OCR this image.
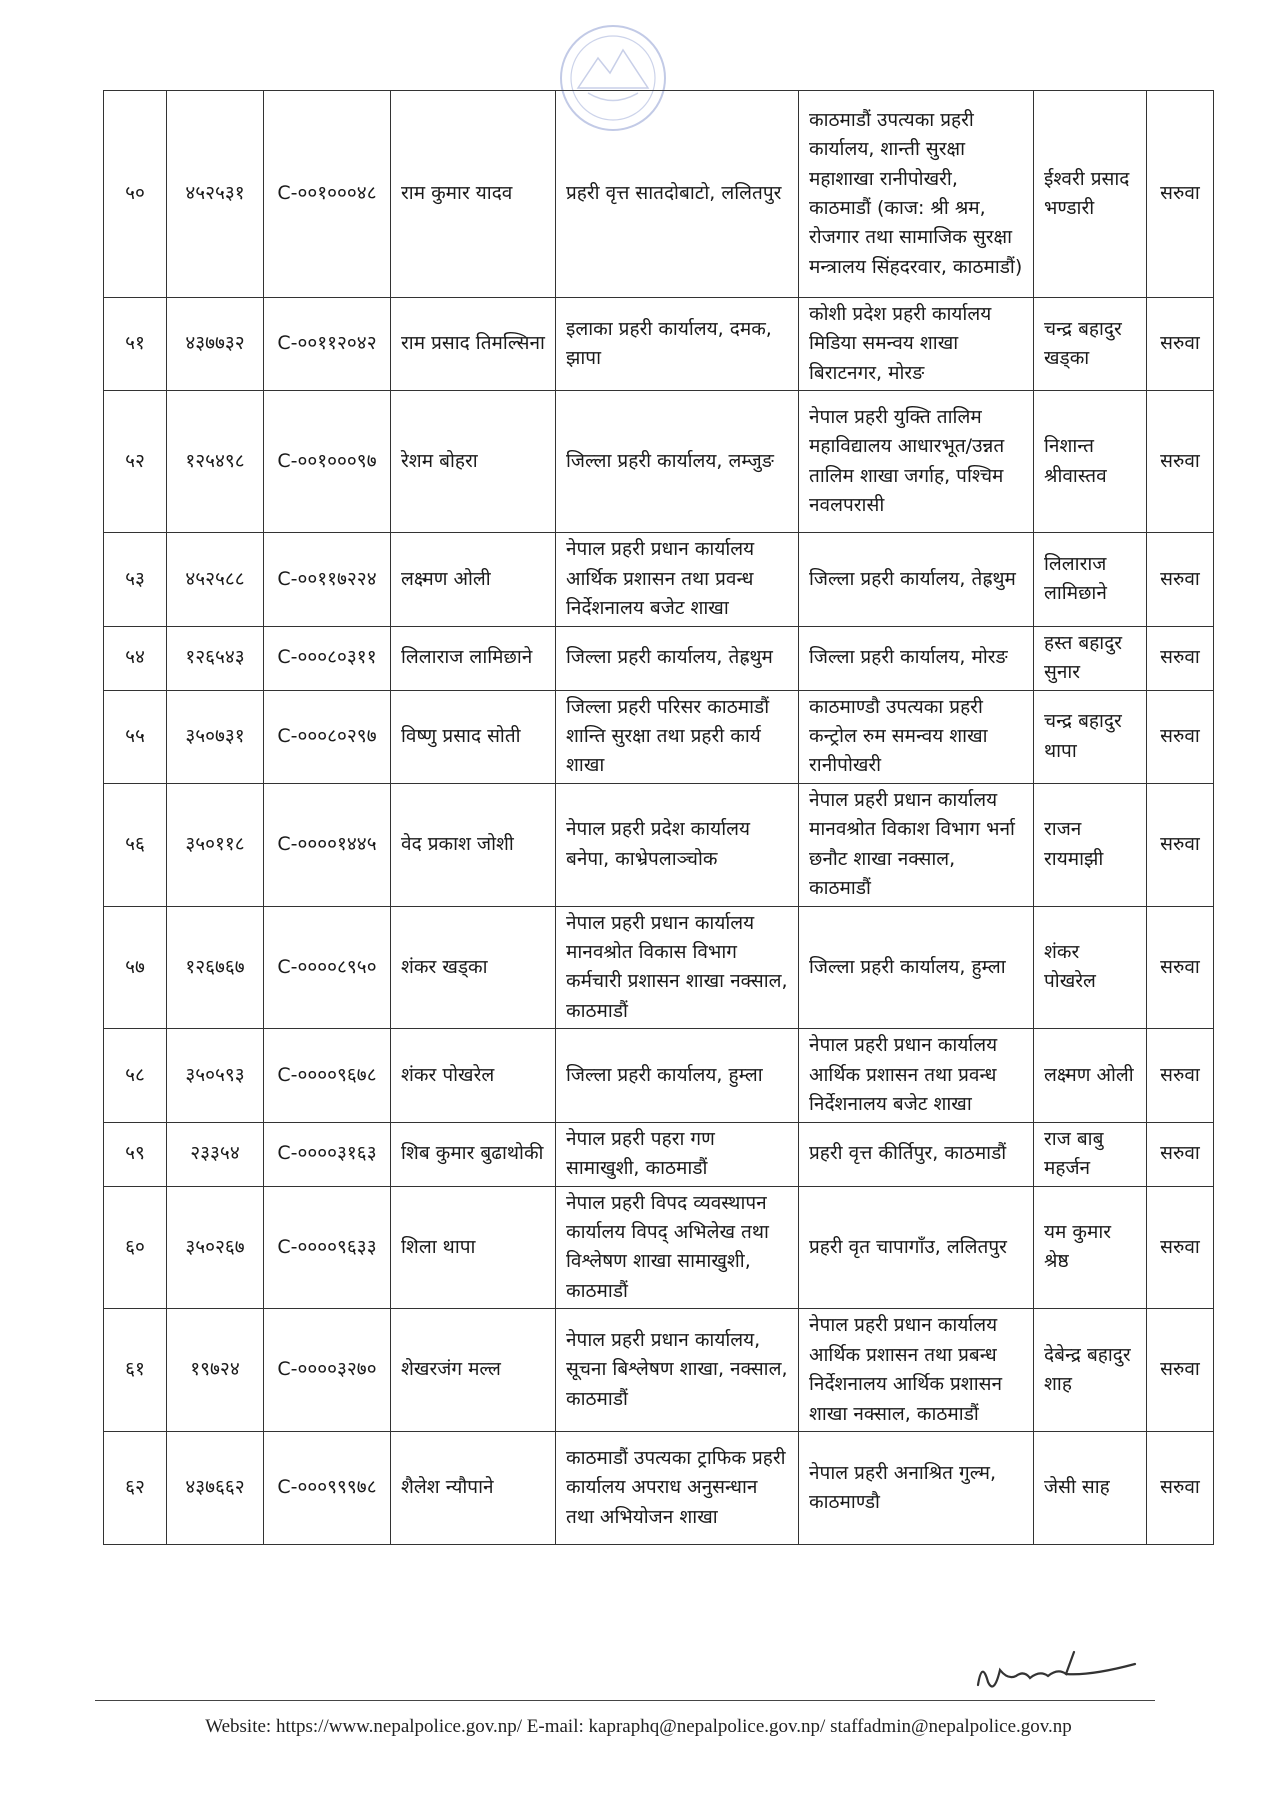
५०	४५२५३१	C-००१०००४८	राम कुमार यादव	प्रहरी वृत्त सातदोबाटो, ललितपुर	काठमाडौं उपत्यका प्रहरी कार्यालय, शान्ती सुरक्षा महाशाखा रानीपोखरी, काठमाडौं (काज: श्री श्रम, रोजगार तथा सामाजिक सुरक्षा मन्त्रालय सिंहदरवार, काठमाडौं)	ईश्वरी प्रसाद भण्डारी	सरुवा
५१	४३७७३२	C-००११२०४२	राम प्रसाद तिमल्सिना	इलाका प्रहरी कार्यालय, दमक, झापा	कोशी प्रदेश प्रहरी कार्यालय मिडिया समन्वय शाखा बिराटनगर, मोरङ	चन्द्र बहादुर खड्का	सरुवा
५२	१२५४९८	C-००१०००९७	रेशम बोहरा	जिल्ला प्रहरी कार्यालय, लम्जुङ	नेपाल प्रहरी युक्ति तालिम महाविद्यालय आधारभूत/उन्नत तालिम शाखा जर्गाह, पश्चिम नवलपरासी	निशान्त श्रीवास्तव	सरुवा
५३	४५२५८८	C-००११७२२४	लक्ष्मण ओली	नेपाल प्रहरी प्रधान कार्यालय आर्थिक प्रशासन तथा प्रवन्ध निर्देशनालय बजेट शाखा	जिल्ला प्रहरी कार्यालय, तेह्रथुम	लिलाराज लामिछाने	सरुवा
५४	१२६५४३	C-०००८०३११	लिलाराज लामिछाने	जिल्ला प्रहरी कार्यालय, तेह्रथुम	जिल्ला प्रहरी कार्यालय, मोरङ	हस्त बहादुर सुनार	सरुवा
५५	३५०७३१	C-०००८०२९७	विष्णु प्रसाद सोती	जिल्ला प्रहरी परिसर काठमाडौं शान्ति सुरक्षा तथा प्रहरी कार्य शाखा	काठमाण्डौ उपत्यका प्रहरी कन्ट्रोल रुम समन्वय शाखा रानीपोखरी	चन्द्र बहादुर थापा	सरुवा
५६	३५०११८	C-००००१४४५	वेद प्रकाश जोशी	नेपाल प्रहरी प्रदेश कार्यालय बनेपा, काभ्रेपलाञ्चोक	नेपाल प्रहरी प्रधान कार्यालय मानवश्रोत विकाश विभाग भर्ना छनौट शाखा नक्साल, काठमाडौं	राजन रायमाझी	सरुवा
५७	१२६७६७	C-००००८९५०	शंकर खड्का	नेपाल प्रहरी प्रधान कार्यालय मानवश्रोत विकास विभाग कर्मचारी प्रशासन शाखा नक्साल, काठमाडौं	जिल्ला प्रहरी कार्यालय, हुम्ला	शंकर पोखरेल	सरुवा
५८	३५०५९३	C-००००९६७८	शंकर पोखरेल	जिल्ला प्रहरी कार्यालय, हुम्ला	नेपाल प्रहरी प्रधान कार्यालय आर्थिक प्रशासन तथा प्रवन्ध निर्देशनालय बजेट शाखा	लक्ष्मण ओली	सरुवा
५९	२३३५४	C-००००३१६३	शिब कुमार बुढाथोकी	नेपाल प्रहरी पहरा गण सामाखुशी, काठमाडौं	प्रहरी वृत्त कीर्तिपुर, काठमाडौं	राज बाबु महर्जन	सरुवा
६०	३५०२६७	C-००००९६३३	शिला थापा	नेपाल प्रहरी विपद व्यवस्थापन कार्यालय विपद् अभिलेख तथा विश्लेषण शाखा सामाखुशी, काठमाडौं	प्रहरी वृत चापागाँउ, ललितपुर	यम कुमार श्रेष्ठ	सरुवा
६१	१९७२४	C-००००३२७०	शेखरजंग मल्ल	नेपाल प्रहरी प्रधान कार्यालय, सूचना बिश्लेषण शाखा, नक्साल, काठमाडौं	नेपाल प्रहरी प्रधान कार्यालय आर्थिक प्रशासन तथा प्रबन्ध निर्देशनालय आर्थिक प्रशासन शाखा नक्साल, काठमाडौं	देबेन्द्र बहादुर शाह	सरुवा
६२	४३७६६२	C-०००९९९७८	शैलेश न्यौपाने	काठमाडौं उपत्यका ट्राफिक प्रहरी कार्यालय अपराध अनुसन्धान तथा अभियोजन शाखा	नेपाल प्रहरी अनाश्रित गुल्म, काठमाण्डौ	जेसी साह	सरुवा
Website: https://www.nepalpolice.gov.np/ E-mail: kapraphq@nepalpolice.gov.np/ staffadmin@nepalpolice.gov.np
